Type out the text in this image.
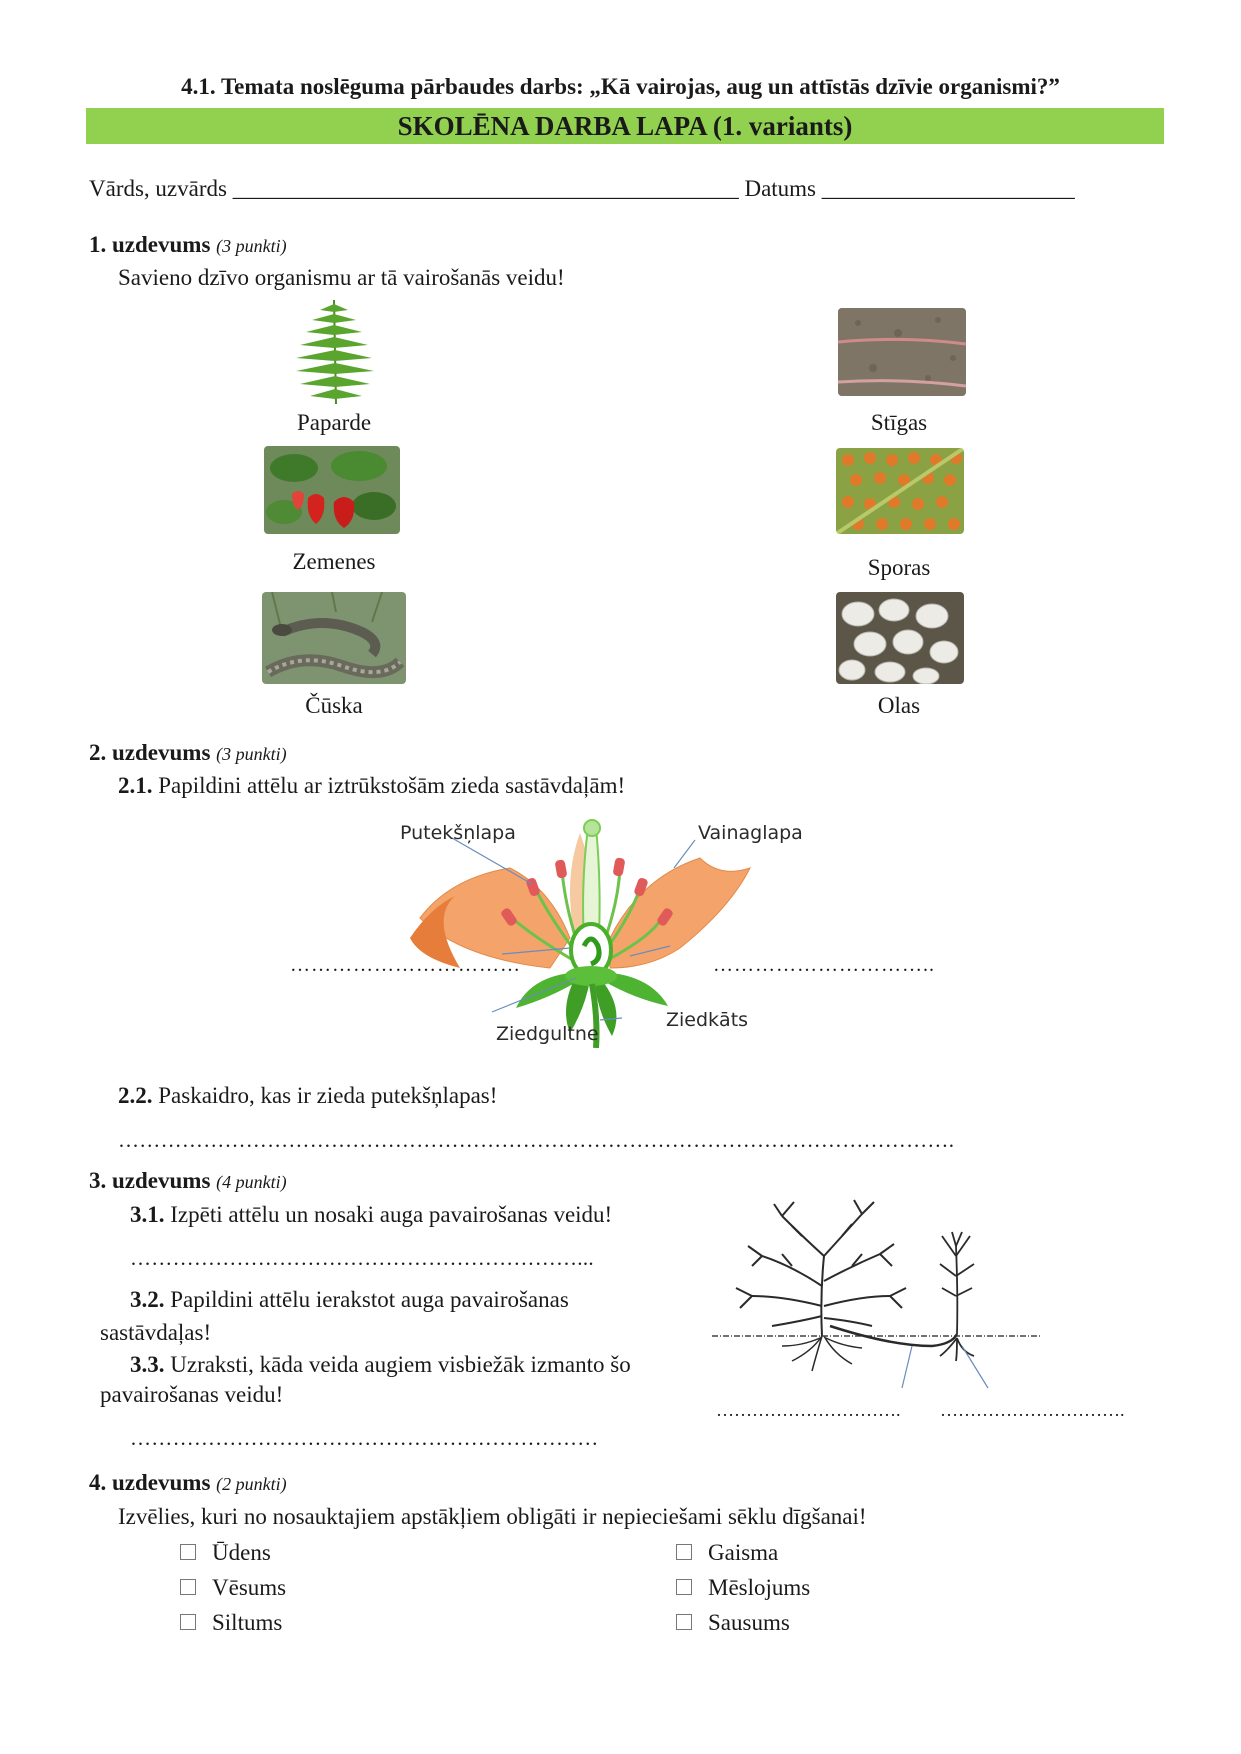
4.1. Temata noslēguma pārbaudes darbs: „Kā vairojas, aug un attīstās dzīvie organismi?”
SKOLĒNA DARBA LAPA (1. variants)
Vārds, uzvārds ____________________________________________ Datums ______________________
1. uzdevums (3 punkti)
Savieno dzīvo organismu ar tā vairošanās veidu!
Paparde	Stīgas
Zemenes	Sporas
Čūska	Olas
2. uzdevums (3 punkti)
2.1. Papildini attēlu ar iztrūkstošām zieda sastāvdaļām!
Putekšņlapa	Vainaglapa
Ziedgultne
Ziedkāts
……………………………	…………………………..
2.2. Paskaidro, kas ir zieda putekšņlapas!
……………………………………………………………………………………………………….
3. uzdevums (4 punkti)
3.1. Izpēti attēlu un nosaki auga pavairošanas veidu!
………………………………………………………...
3.2. Papildini attēlu ierakstot auga pavairošanas
sastāvdaļas!
3.3. Uzraksti, kāda veida augiem visbiežāk izmanto šo
pavairošanas veidu!
…………………………………………………………
…………………………. ………………………….
4. uzdevums (2 punkti)
Izvēlies, kuri no nosauktajiem apstākļiem obligāti ir nepieciešami sēklu dīgšanai!
Ūdens
Vēsums
Siltums
Gaisma
Mēslojums
Sausums
